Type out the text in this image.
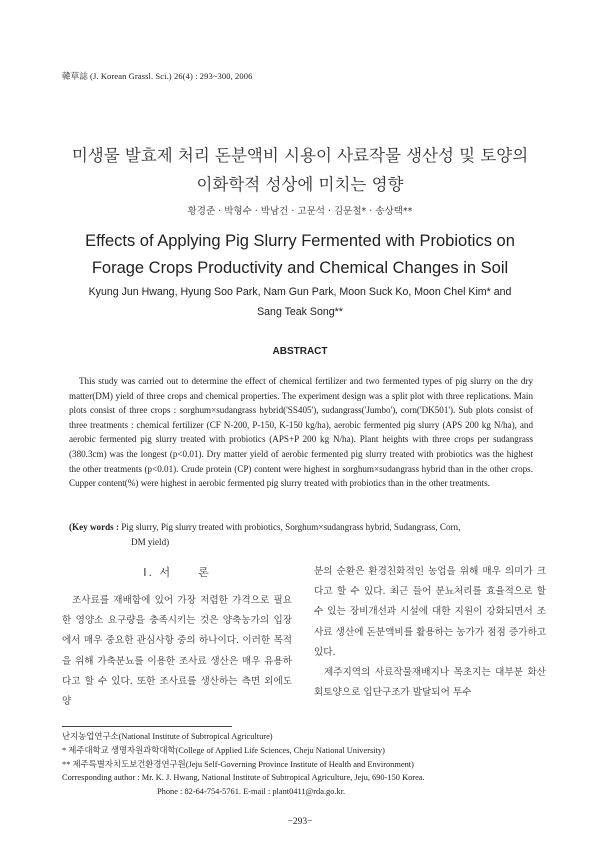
韓草誌 (J. Korean Grassl. Sci.) 26(4) : 293~300, 2006
미생물 발효제 처리 돈분액비 시용이 사료작물 생산성 및 토양의
이화학적 성상에 미치는 영향
황경준 · 박형수 · 박남건 · 고문석 · 김문철* · 송상택**
Effects of Applying Pig Slurry Fermented with Probiotics on
Forage Crops Productivity and Chemical Changes in Soil
Kyung Jun Hwang, Hyung Soo Park, Nam Gun Park, Moon Suck Ko, Moon Chel Kim* and
Sang Teak Song**
ABSTRACT

This study was carried out to determine the effect of chemical fertilizer and two fermented types of pig slurry on the dry matter(DM) yield of three crops and chemical properties. The experiment design was a split plot with three replications. Main plots consist of three crops : sorghum×sudangrass hybrid('SS405'), sudangrass('Jumbo'), corn('DK501'). Sub plots consist of three treatments : chemical fertilizer (CF N-200, P-150, K-150 kg/ha), aerobic fermented pig slurry (APS 200 kg N/ha), and aerobic fermented pig slurry treated with probiotics (APS+P 200 kg N/ha). Plant heights with three crops per sudangrass (380.3cm) was the longest (p<0.01). Dry matter yield of aerobic fermented pig slurry treated with probiotics was the highest the other treatments (p<0.01). Crude protein (CP) content were highest in sorghum×sudangrass hybrid than in the other crops. Cupper content(%) were highest in aerobic fermented pig slurry treated with probiotics than in the other treatments.

(Key words : Pig slurry, Pig slurry treated with probiotics, Sorghum×sudangrass hybrid, Sudangrass, Corn,
DM yield)
I. 서　　론

조사료를 재배함에 있어 가장 저렴한 가격으로 필요한 영양소 요구량을 충족시키는 것은 양축농가의 입장에서 매우 중요한 관심사항 중의 하나이다. 이러한 목적을 위해 가축분뇨를 이용한 조사료 생산은 매우 유용하다고 할 수 있다. 또한 조사료를 생산하는 측면 외에도 양

분의 순환은 환경친화적인 농업을 위해 매우 의미가 크다고 할 수 있다. 최근 들어 분뇨처리를 효율적으로 할 수 있는 장비개선과 시설에 대한 지원이 강화되면서 조사료 생산에 돈분액비를 활용하는 농가가 점점 증가하고 있다.

제주지역의 사료작물재배지나 목초지는 대부분 화산회토양으로 입단구조가 발달되어 투수

난지농업연구소(National Institute of Subtropical Agriculture)
* 제주대학교 생명자원과학대학(College of Applied Life Sciences, Cheju National University)
** 제주특별자치도보건환경연구원(Jeju Self-Governing Province Institute of Health and Environment)
Corresponding author : Mr. K. J. Hwang, National Institute of Subtropical Agriculture, Jeju, 690-150 Korea.
Phone : 82-64-754-5761. E-mail : plant0411@rda.go.kr.
−293−
